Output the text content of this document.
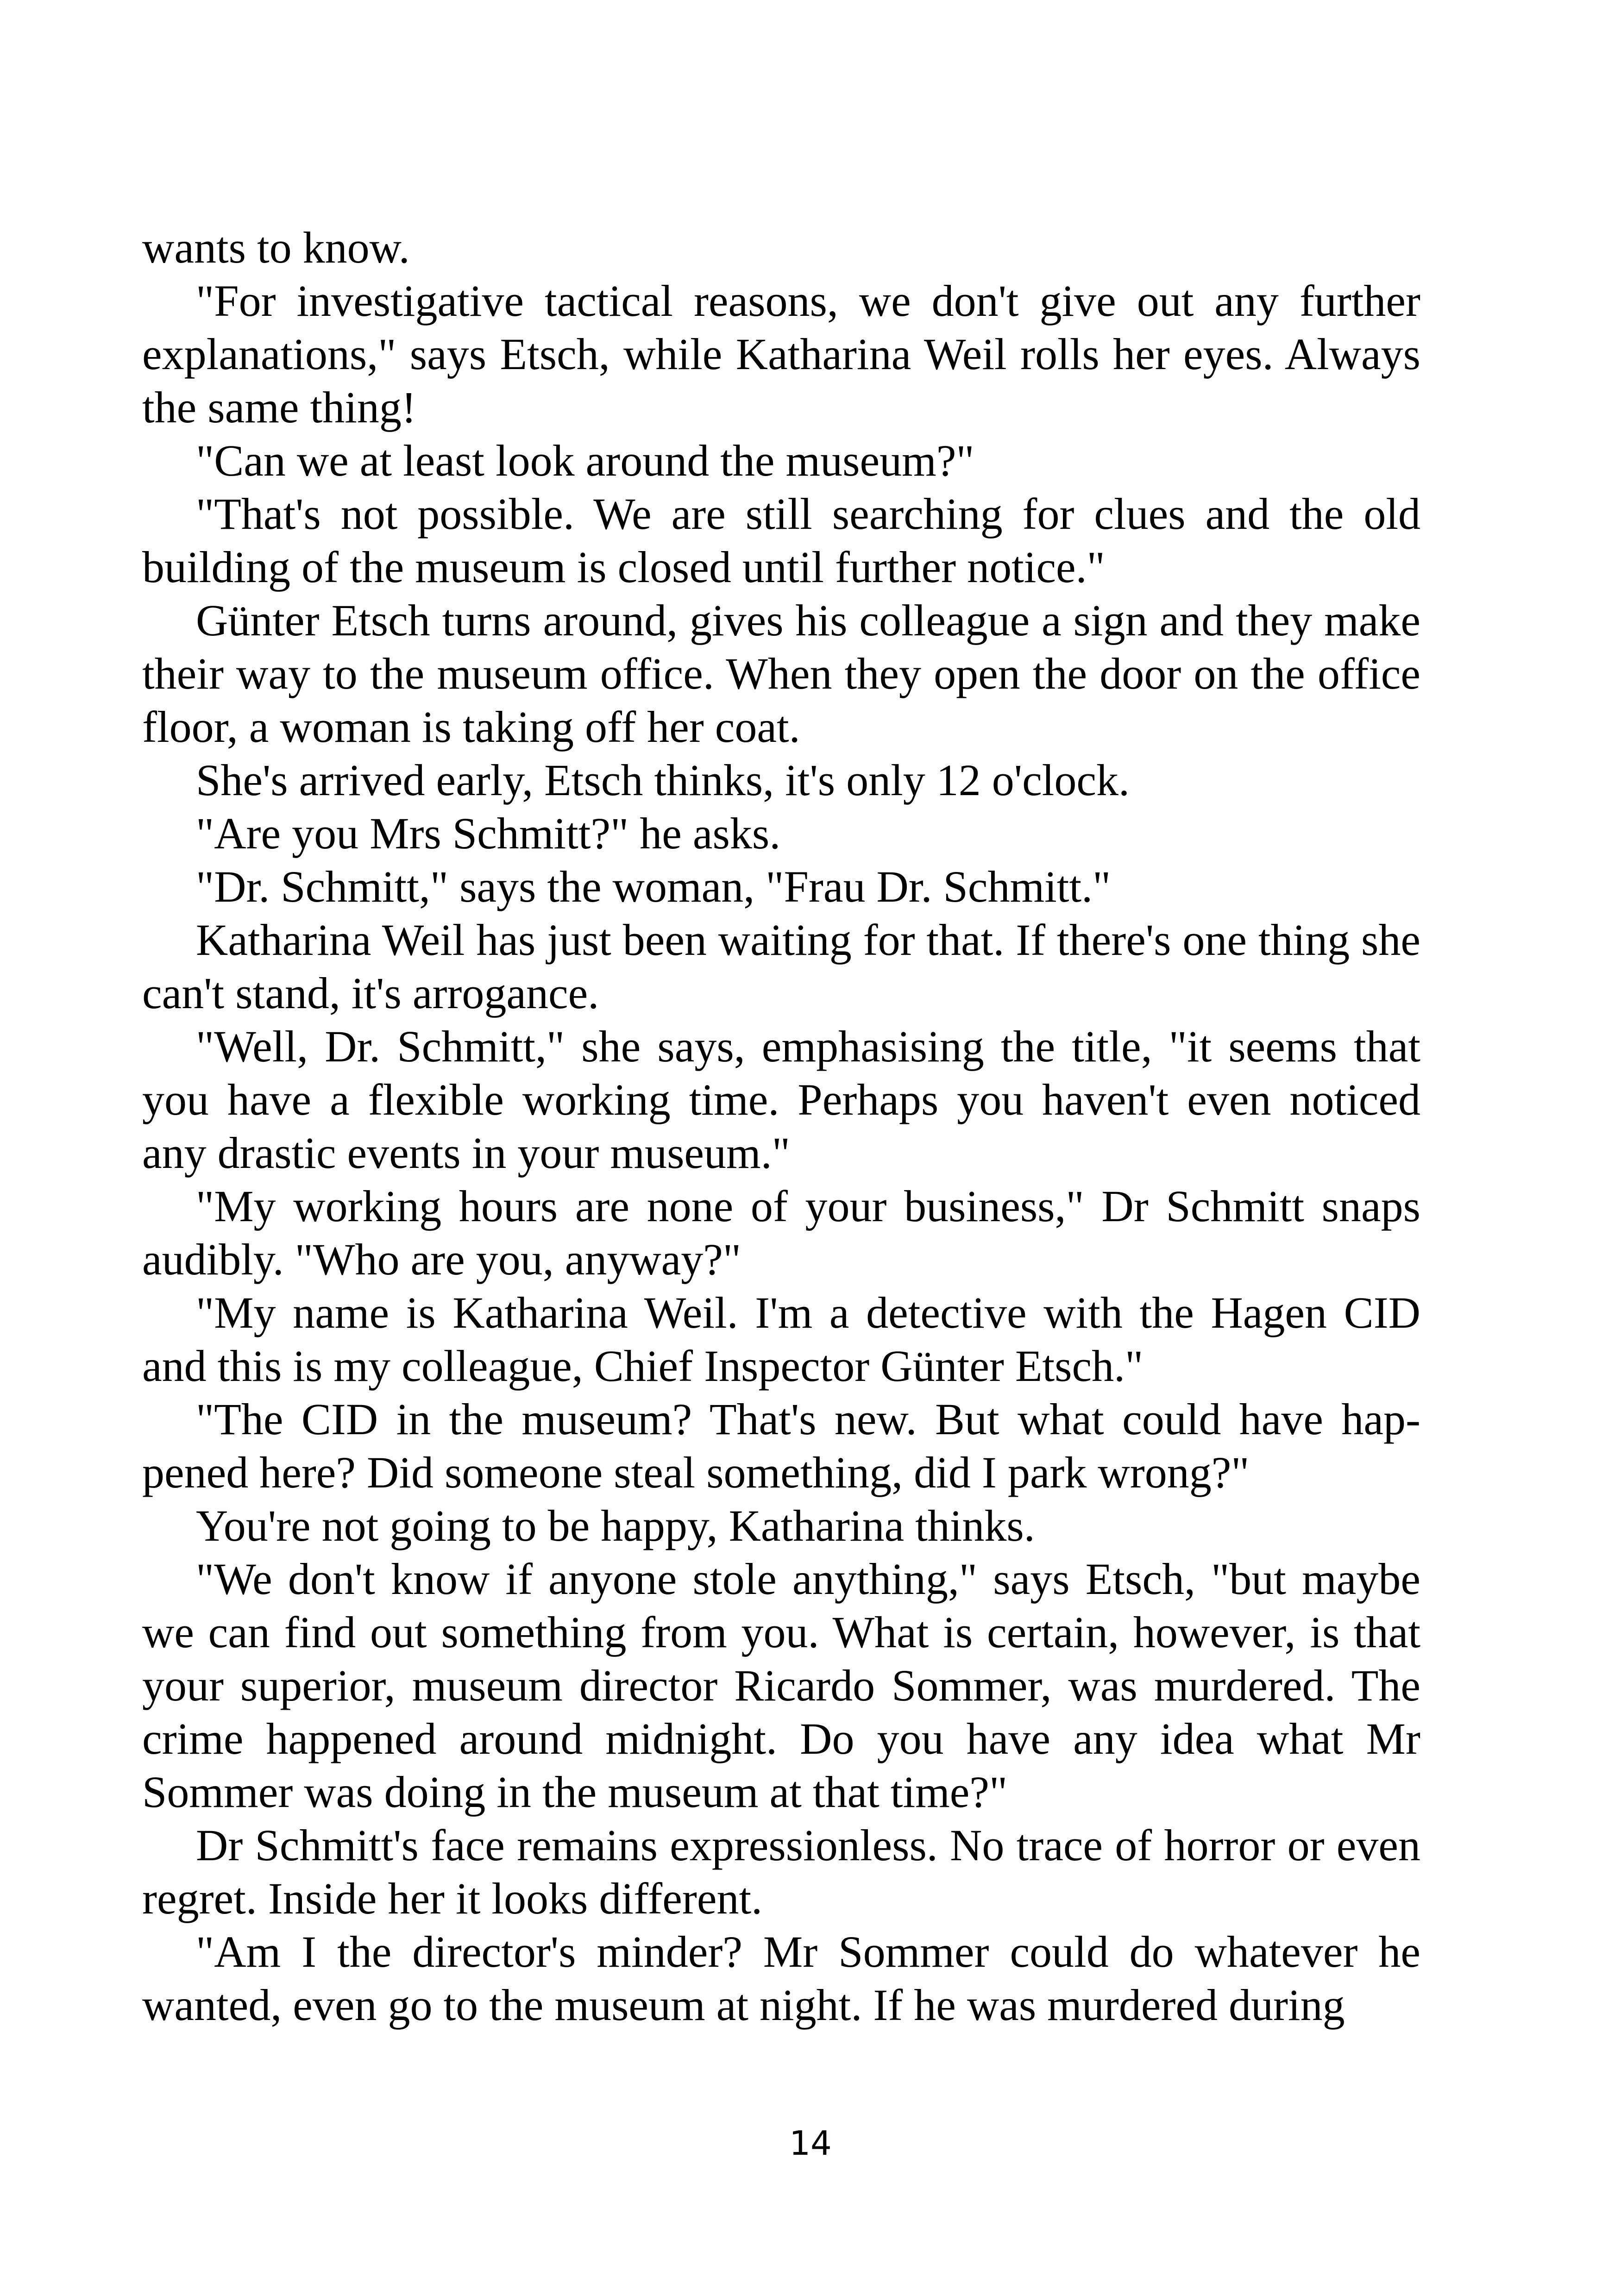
wants to know.

"For investigative tactical reasons, we don't give out any further explanations," says Etsch, while Katharina Weil rolls her eyes. Always the same thing!

"Can we at least look around the museum?"

"That's not possible. We are still searching for clues and the old building of the museum is closed until further notice."

Günter Etsch turns around, gives his colleague a sign and they make their way to the museum office. When they open the door on the office floor, a woman is taking off her coat.

She's arrived early, Etsch thinks, it's only 12 o'clock.

"Are you Mrs Schmitt?" he asks.

"Dr. Schmitt," says the woman, "Frau Dr. Schmitt."

Katharina Weil has just been waiting for that. If there's one thing she can't stand, it's arrogance.

"Well, Dr. Schmitt," she says, emphasising the title, "it seems that you have a flexible working time. Perhaps you haven't even noticed any drastic events in your museum."

"My working hours are none of your business," Dr Schmitt snaps audibly. "Who are you, anyway?"

"My name is Katharina Weil. I'm a detective with the Hagen CID and this is my colleague, Chief Inspector Günter Etsch."

"The CID in the museum? That's new. But what could have happened here? Did someone steal something, did I park wrong?"

You're not going to be happy, Katharina thinks.

"We don't know if anyone stole anything," says Etsch, "but maybe we can find out something from you. What is certain, however, is that your superior, museum director Ricardo Sommer, was murdered. The crime happened around midnight. Do you have any idea what Mr Sommer was doing in the museum at that time?"

Dr Schmitt's face remains expressionless. No trace of horror or even regret. Inside her it looks different.

"Am I the director's minder? Mr Sommer could do whatever he wanted, even go to the museum at night. If he was murdered during

14
